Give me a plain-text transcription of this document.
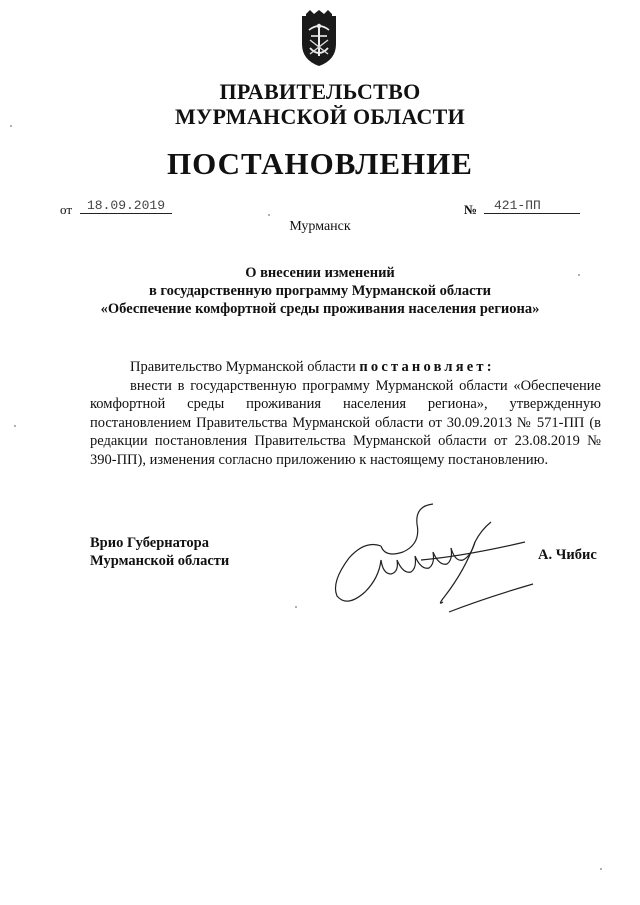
ПРАВИТЕЛЬСТВО
МУРМАНСКОЙ ОБЛАСТИ
ПОСТАНОВЛЕНИЕ
от	18.09.2019	№	421-ПП
Мурманск
О внесении изменений
в государственную программу Мурманской области
«Обеспечение комфортной среды проживания населения региона»

Правительство Мурманской области постановляет:

внести в государственную программу Мурманской области «Обеспечение комфортной среды проживания населения региона», утвержденную постановлением Правительства Мурманской области от 30.09.2013 № 571-ПП (в редакции постановления Правительства Мурманской области от 23.08.2019 № 390-ПП), изменения согласно приложению к настоящему постановлению.

Врио Губернатора
Мурманской области	А. Чибис
